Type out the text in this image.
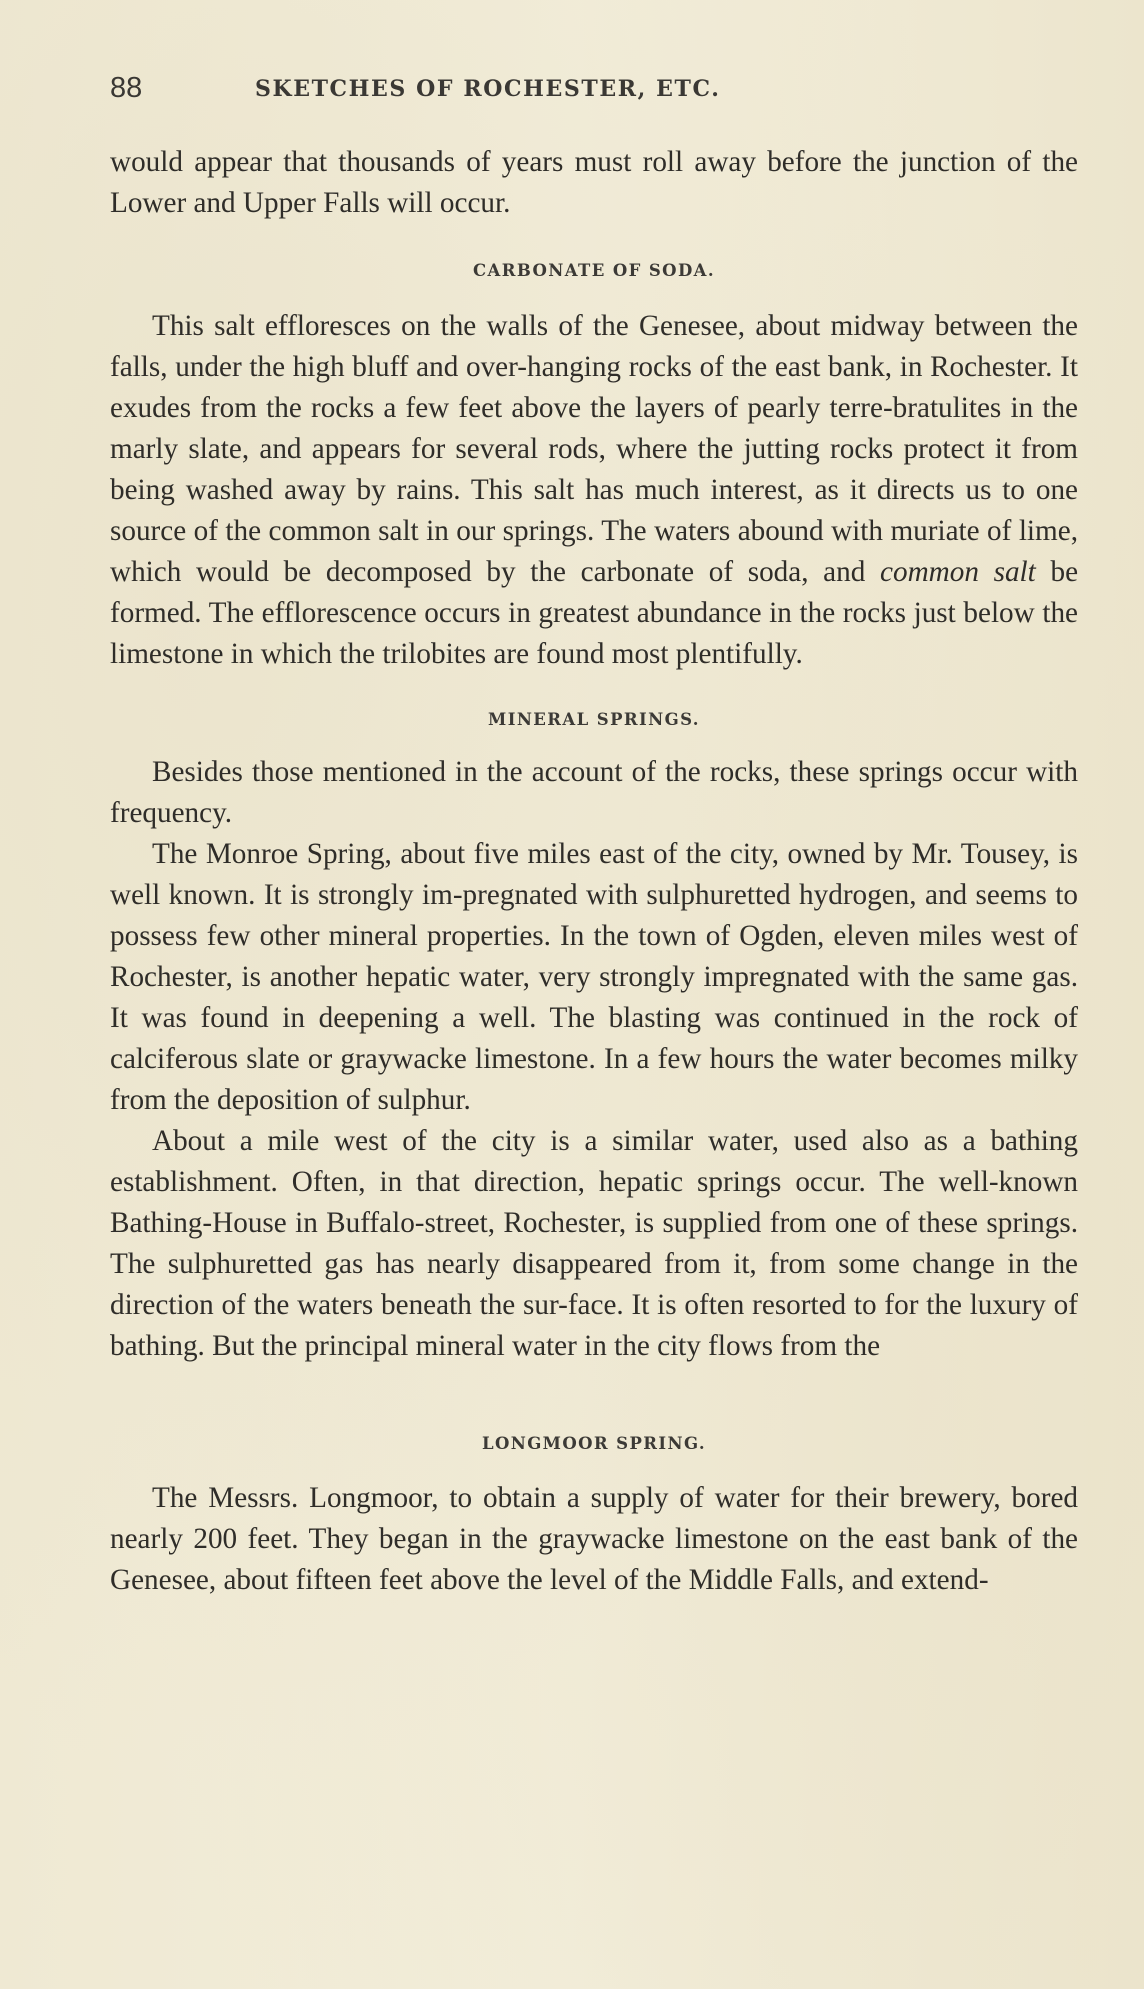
88	SKETCHES OF ROCHESTER, ETC.

would appear that thousands of years must roll away before the junction of the Lower and Upper Falls will occur.

CARBONATE OF SODA.

This salt effloresces on the walls of the Genesee, about midway between the falls, under the high bluff and over-hanging rocks of the east bank, in Rochester. It exudes from the rocks a few feet above the layers of pearly terre-bratulites in the marly slate, and appears for several rods, where the jutting rocks protect it from being washed away by rains. This salt has much interest, as it directs us to one source of the common salt in our springs. The waters abound with muriate of lime, which would be decomposed by the carbonate of soda, and common salt be formed. The efflorescence occurs in greatest abundance in the rocks just below the limestone in which the trilobites are found most plentifully.

MINERAL SPRINGS.

Besides those mentioned in the account of the rocks, these springs occur with frequency.

The Monroe Spring, about five miles east of the city, owned by Mr. Tousey, is well known. It is strongly im-pregnated with sulphuretted hydrogen, and seems to possess few other mineral properties. In the town of Ogden, eleven miles west of Rochester, is another hepatic water, very strongly impregnated with the same gas. It was found in deepening a well. The blasting was continued in the rock of calciferous slate or graywacke limestone. In a few hours the water becomes milky from the deposition of sulphur.

About a mile west of the city is a similar water, used also as a bathing establishment. Often, in that direction, hepatic springs occur. The well-known Bathing-House in Buffalo-street, Rochester, is supplied from one of these springs. The sulphuretted gas has nearly disappeared from it, from some change in the direction of the waters beneath the sur-face. It is often resorted to for the luxury of bathing. But the principal mineral water in the city flows from the

LONGMOOR SPRING.

The Messrs. Longmoor, to obtain a supply of water for their brewery, bored nearly 200 feet. They began in the graywacke limestone on the east bank of the Genesee, about fifteen feet above the level of the Middle Falls, and extend-
